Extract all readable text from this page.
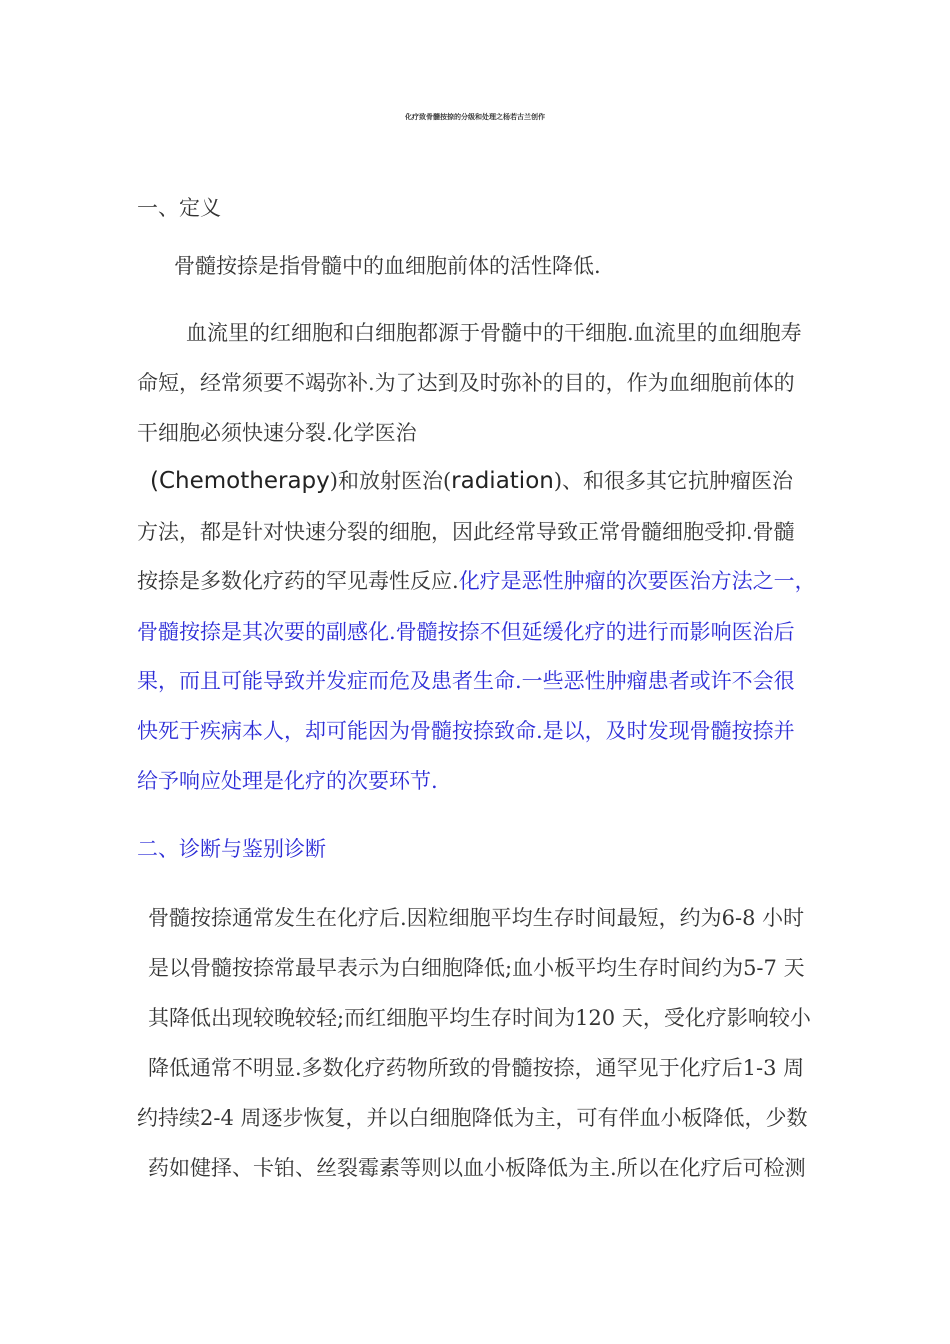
化疗致骨髓按捺的分级和处理之杨若古兰创作

一、定义

骨髓按捺是指骨髓中的血细胞前体的活性降低.

血流里的红细胞和白细胞都源于骨髓中的干细胞.血流里的血细胞寿

命短，经常须要不竭弥补.为了达到及时弥补的目的，作为血细胞前体的

干细胞必须快速分裂.化学医治

(Chemotherapy)和放射医治(radiation)、和很多其它抗肿瘤医治

方法，都是针对快速分裂的细胞，因此经常导致正常骨髓细胞受抑.骨髓

按捺是多数化疗药的罕见毒性反应.化疗是恶性肿瘤的次要医治方法之一，

骨髓按捺是其次要的副感化.骨髓按捺不但延缓化疗的进行而影响医治后

果，而且可能导致并发症而危及患者生命.一些恶性肿瘤患者或许不会很

快死于疾病本人，却可能因为骨髓按捺致命.是以，及时发现骨髓按捺并

给予响应处理是化疗的次要环节.

二、诊断与鉴别诊断

骨髓按捺通常发生在化疗后.因粒细胞平均生存时间最短，约为6-8 小时

是以骨髓按捺常最早表示为白细胞降低;血小板平均生存时间约为5-7 天

其降低出现较晚较轻;而红细胞平均生存时间为120 天，受化疗影响较小

降低通常不明显.多数化疗药物所致的骨髓按捺，通罕见于化疗后1-3 周

约持续2-4 周逐步恢复，并以白细胞降低为主，可有伴血小板降低，少数

药如健择、卡铂、丝裂霉素等则以血小板降低为主.所以在化疗后可检测
